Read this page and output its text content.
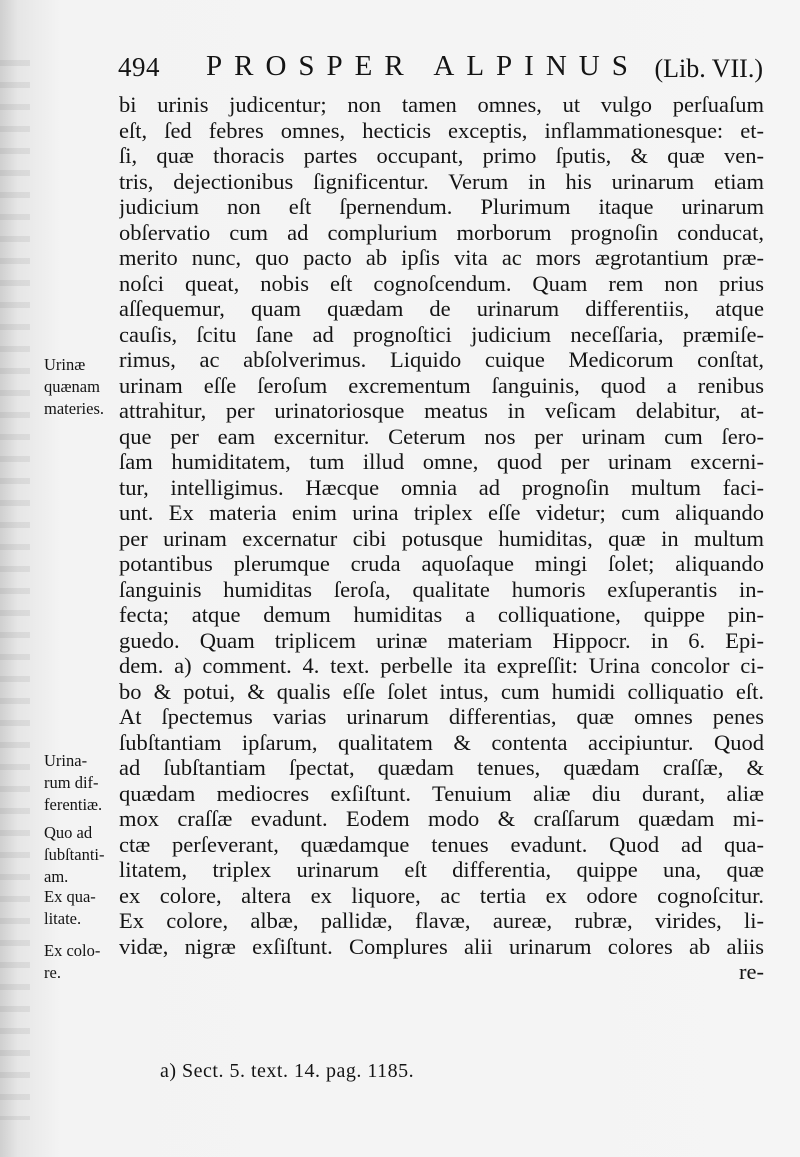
494 PROSPER ALPINUS (Lib. VII.)
bi urinis judicentur; non tamen omnes, ut vulgo perſuaſum
eſt, ſed febres omnes, hecticis exceptis, inflammationesque: et-
ſi, quæ thoracis partes occupant, primo ſputis, & quæ ven-
tris, dejectionibus ſignificentur. Verum in his urinarum etiam
judicium non eſt ſpernendum. Plurimum itaque urinarum
obſervatio cum ad complurium morborum prognoſin conducat,
merito nunc, quo pacto ab ipſis vita ac mors ægrotantium præ-
noſci queat, nobis eſt cognoſcendum. Quam rem non prius
aſſequemur, quam quædam de urinarum differentiis, atque
cauſis, ſcitu ſane ad prognoſtici judicium neceſſaria, præmiſe-
rimus, ac abſolverimus. Liquido cuique Medicorum conſtat,
urinam eſſe ſeroſum excrementum ſanguinis, quod a renibus
attrahitur, per urinatoriosque meatus in veſicam delabitur, at-
que per eam excernitur. Ceterum nos per urinam cum ſero-
ſam humiditatem, tum illud omne, quod per urinam excerni-
tur, intelligimus. Hæcque omnia ad prognoſin multum faci-
unt. Ex materia enim urina triplex eſſe videtur; cum aliquando
per urinam excernatur cibi potusque humiditas, quæ in multum
potantibus plerumque cruda aquoſaque mingi ſolet; aliquando
ſanguinis humiditas ſeroſa, qualitate humoris exſuperantis in-
fecta; atque demum humiditas a colliquatione, quippe pin-
guedo. Quam triplicem urinæ materiam Hippocr. in 6. Epi-
dem. a) comment. 4. text. perbelle ita expreſſit: Urina concolor ci-
bo & potui, & qualis eſſe ſolet intus, cum humidi colliquatio eſt.
At ſpectemus varias urinarum differentias, quæ omnes penes
ſubſtantiam ipſarum, qualitatem & contenta accipiuntur. Quod
ad ſubſtantiam ſpectat, quædam tenues, quædam craſſæ, &
quædam mediocres exſiſtunt. Tenuium aliæ diu durant, aliæ
mox craſſæ evadunt. Eodem modo & craſſarum quædam mi-
ctæ perſeverant, quædamque tenues evadunt. Quod ad qua-
litatem, triplex urinarum eſt differentia, quippe una, quæ
ex colore, altera ex liquore, ac tertia ex odore cognoſcitur.
Ex colore, albæ, pallidæ, flavæ, aureæ, rubræ, virides, li-
vidæ, nigræ exſiſtunt. Complures alii urinarum colores ab aliis
re-
Urinæ
quænam
materies.
Urina-
rum dif-
ferentiæ.
Quo ad
ſubſtanti-
am.
Ex qua-
litate.
Ex colo-
re.
a) Sect. 5. text. 14. pag. 1185.
